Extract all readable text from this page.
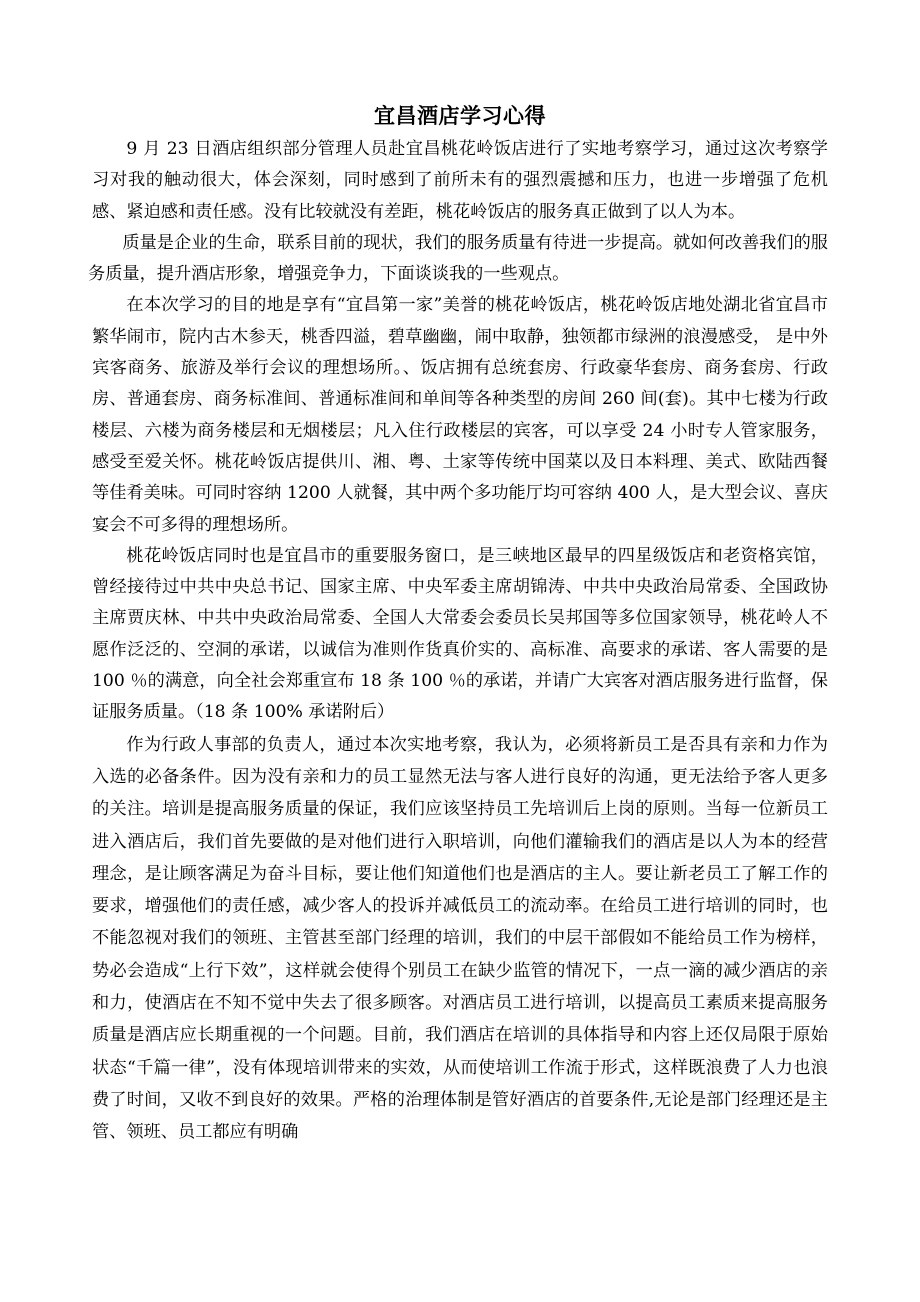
宜昌酒店学习心得

9 月 23 日酒店组织部分管理人员赴宜昌桃花岭饭店进行了实地考察学习，通过这次考察学习对我的触动很大，体会深刻，同时感到了前所未有的强烈震撼和压力，也进一步增强了危机感、紧迫感和责任感。没有比较就没有差距，桃花岭饭店的服务真正做到了以人为本。

质量是企业的生命，联系目前的现状，我们的服务质量有待进一步提高。就如何改善我们的服务质量，提升酒店形象，增强竞争力，下面谈谈我的一些观点。

在本次学习的目的地是享有“宜昌第一家”美誉的桃花岭饭店，桃花岭饭店地处湖北省宜昌市繁华闹市，院内古木参天，桃香四溢，碧草幽幽，闹中取静，独领都市绿洲的浪漫感受， 是中外宾客商务、旅游及举行会议的理想场所。、饭店拥有总统套房、行政豪华套房、商务套房、行政房、普通套房、商务标准间、普通标准间和单间等各种类型的房间 260 间(套)。其中七楼为行政楼层、六楼为商务楼层和无烟楼层；凡入住行政楼层的宾客，可以享受 24 小时专人管家服务，感受至爱关怀。桃花岭饭店提供川、湘、粤、土家等传统中国菜以及日本料理、美式、欧陆西餐等佳肴美味。可同时容纳 1200 人就餐，其中两个多功能厅均可容纳 400 人，是大型会议、喜庆宴会不可多得的理想场所。

桃花岭饭店同时也是宜昌市的重要服务窗口，是三峡地区最早的四星级饭店和老资格宾馆，曾经接待过中共中央总书记、国家主席、中央军委主席胡锦涛、中共中央政治局常委、全国政协主席贾庆林、中共中央政治局常委、全国人大常委会委员长吴邦国等多位国家领导，桃花岭人不愿作泛泛的、空洞的承诺，以诚信为准则作货真价实的、高标准、高要求的承诺、客人需要的是 100 ％的满意，向全社会郑重宣布 18 条 100 ％的承诺，并请广大宾客对酒店服务进行监督，保证服务质量。（18 条 100% 承诺附后）

作为行政人事部的负责人，通过本次实地考察，我认为，必须将新员工是否具有亲和力作为入选的必备条件。因为没有亲和力的员工显然无法与客人进行良好的沟通，更无法给予客人更多的关注。培训是提高服务质量的保证，我们应该坚持员工先培训后上岗的原则。当每一位新员工进入酒店后，我们首先要做的是对他们进行入职培训，向他们灌输我们的酒店是以人为本的经营理念，是让顾客满足为奋斗目标，要让他们知道他们也是酒店的主人。要让新老员工了解工作的要求，增强他们的责任感，减少客人的投诉并减低员工的流动率。在给员工进行培训的同时，也不能忽视对我们的领班、主管甚至部门经理的培训，我们的中层干部假如不能给员工作为榜样，势必会造成“上行下效”，这样就会使得个别员工在缺少监管的情况下，一点一滴的减少酒店的亲和力，使酒店在不知不觉中失去了很多顾客。对酒店员工进行培训，以提高员工素质来提高服务质量是酒店应长期重视的一个问题。目前，我们酒店在培训的具体指导和内容上还仅局限于原始状态“千篇一律”，没有体现培训带来的实效，从而使培训工作流于形式，这样既浪费了人力也浪费了时间，又收不到良好的效果。严格的治理体制是管好酒店的首要条件,无论是部门经理还是主管、领班、员工都应有明确
